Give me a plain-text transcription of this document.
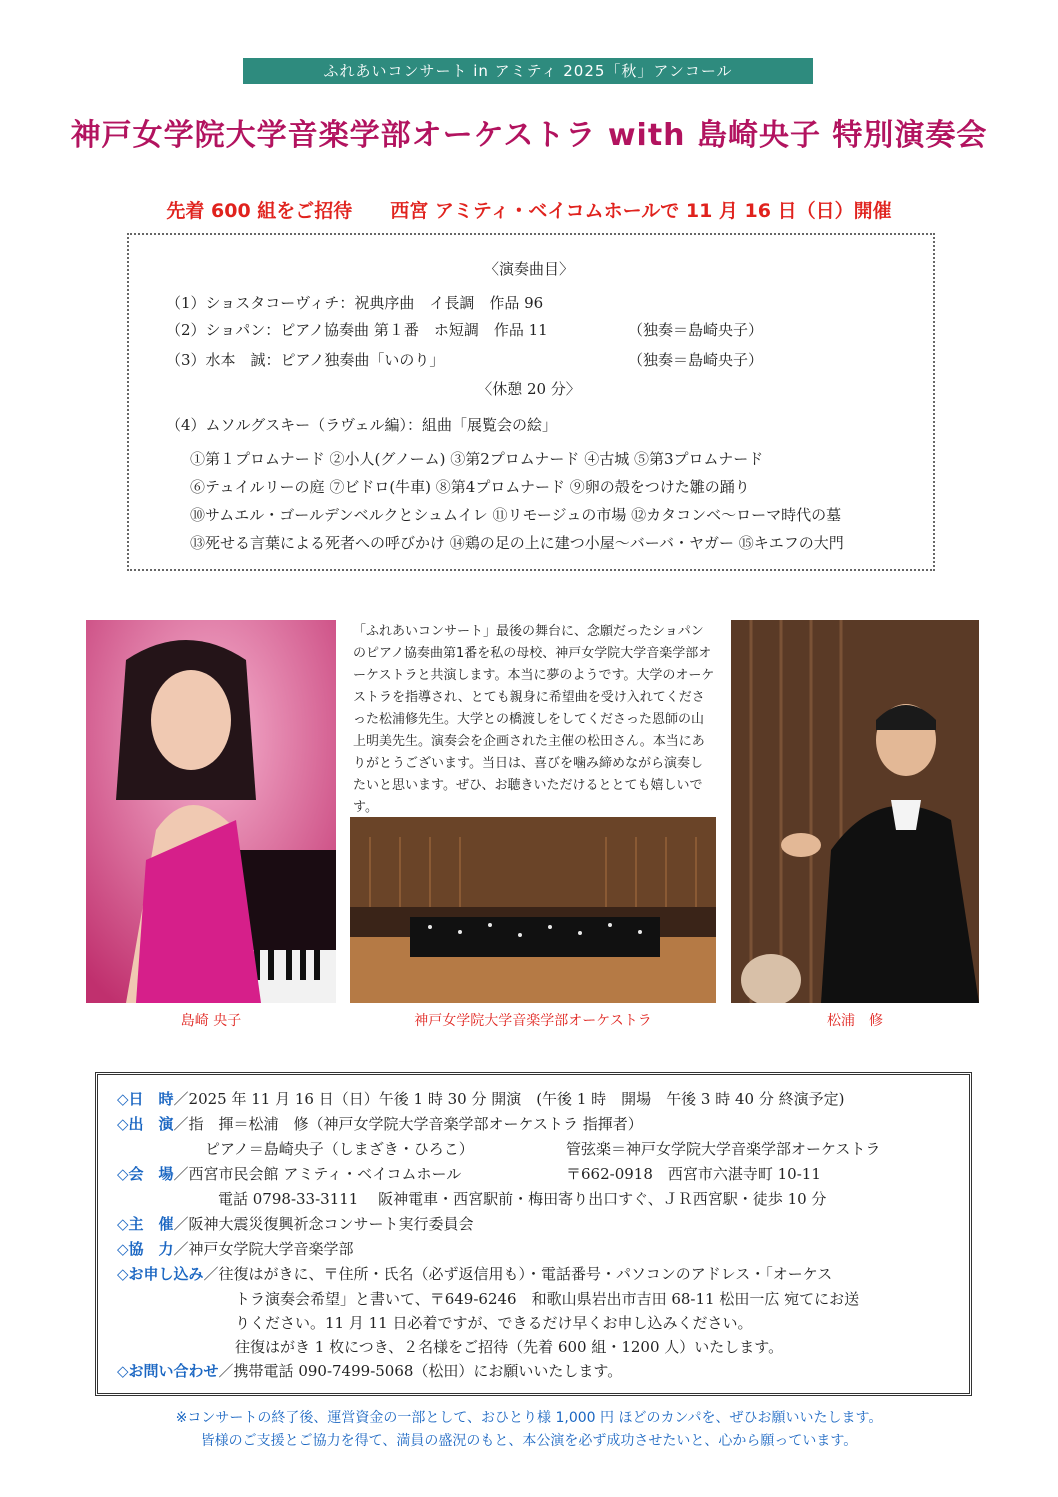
ふれあいコンサート in アミティ 2025「秋」アンコール
神戸女学院大学音楽学部オーケストラ with 島崎央子 特別演奏会
先着 600 組をご招待　　西宮 アミティ・ベイコムホールで 11 月 16 日（日）開催
〈演奏曲目〉
（1）ショスタコーヴィチ：祝典序曲　イ長調　作品 96
（2）ショパン：ピアノ協奏曲 第１番　ホ短調　作品 11	（独奏＝島崎央子）
（3）水本　誠：ピアノ独奏曲「いのり」	（独奏＝島崎央子）
〈休憩 20 分〉
（4）ムソルグスキー（ラヴェル編）：組曲「展覧会の絵」
①第１プロムナード ②小人(グノーム) ③第2プロムナード ④古城 ⑤第3プロムナード
⑥テュイルリーの庭 ⑦ビドロ(牛車) ⑧第4プロムナード ⑨卵の殻をつけた雛の踊り
⑩サムエル・ゴールデンベルクとシュムイレ ⑪リモージュの市場 ⑫カタコンベ～ローマ時代の墓
⑬死せる言葉による死者への呼びかけ ⑭鶏の足の上に建つ小屋～バーバ・ヤガー ⑮キエフの大門
島崎 央子
「ふれあいコンサート」最後の舞台に、念願だったショパンのピアノ協奏曲第1番を私の母校、神戸女学院大学音楽学部オーケストラと共演します。本当に夢のようです。大学のオーケストラを指導され、とても親身に希望曲を受け入れてくださった松浦修先生。大学との橋渡しをしてくださった恩師の山上明美先生。演奏会を企画された主催の松田さん。本当にありがとうございます。当日は、喜びを噛み締めながら演奏したいと思います。ぜひ、お聴きいただけるととても嬉しいです。
神戸女学院大学音楽学部オーケストラ	松浦　修
◇日　時／2025 年 11 月 16 日（日）午後 1 時 30 分 開演　(午後 1 時　開場　午後 3 時 40 分 終演予定)
◇出　演／指　揮＝松浦　修（神戸女学院大学音楽学部オーケストラ 指揮者）
ピアノ＝島崎央子（しまざき・ひろこ）	管弦楽＝神戸女学院大学音楽学部オーケストラ
◇会　場／西宮市民会館 アミティ・ベイコムホール	〒662-0918　西宮市六湛寺町 10-11
電話 0798-33-3111　 阪神電車・西宮駅前・梅田寄り出口すぐ、ＪＲ西宮駅・徒歩 10 分
◇主　催／阪神大震災復興祈念コンサート実行委員会
◇協　力／神戸女学院大学音楽学部
◇お申し込み／往復はがきに、〒住所・氏名（必ず返信用も）・電話番号・パソコンのアドレス・「オーケス
トラ演奏会希望」と書いて、〒649-6246　和歌山県岩出市吉田 68-11 松田一広 宛てにお送
りください。11 月 11 日必着ですが、できるだけ早くお申し込みください。
往復はがき 1 枚につき、２名様をご招待（先着 600 組・1200 人）いたします。
◇お問い合わせ／携帯電話 090-7499-5068（松田）にお願いいたします。
※コンサートの終了後、運営資金の一部として、おひとり様 1,000 円 ほどのカンパを、ぜひお願いいたします。
皆様のご支援とご協力を得て、満員の盛況のもと、本公演を必ず成功させたいと、心から願っています。
